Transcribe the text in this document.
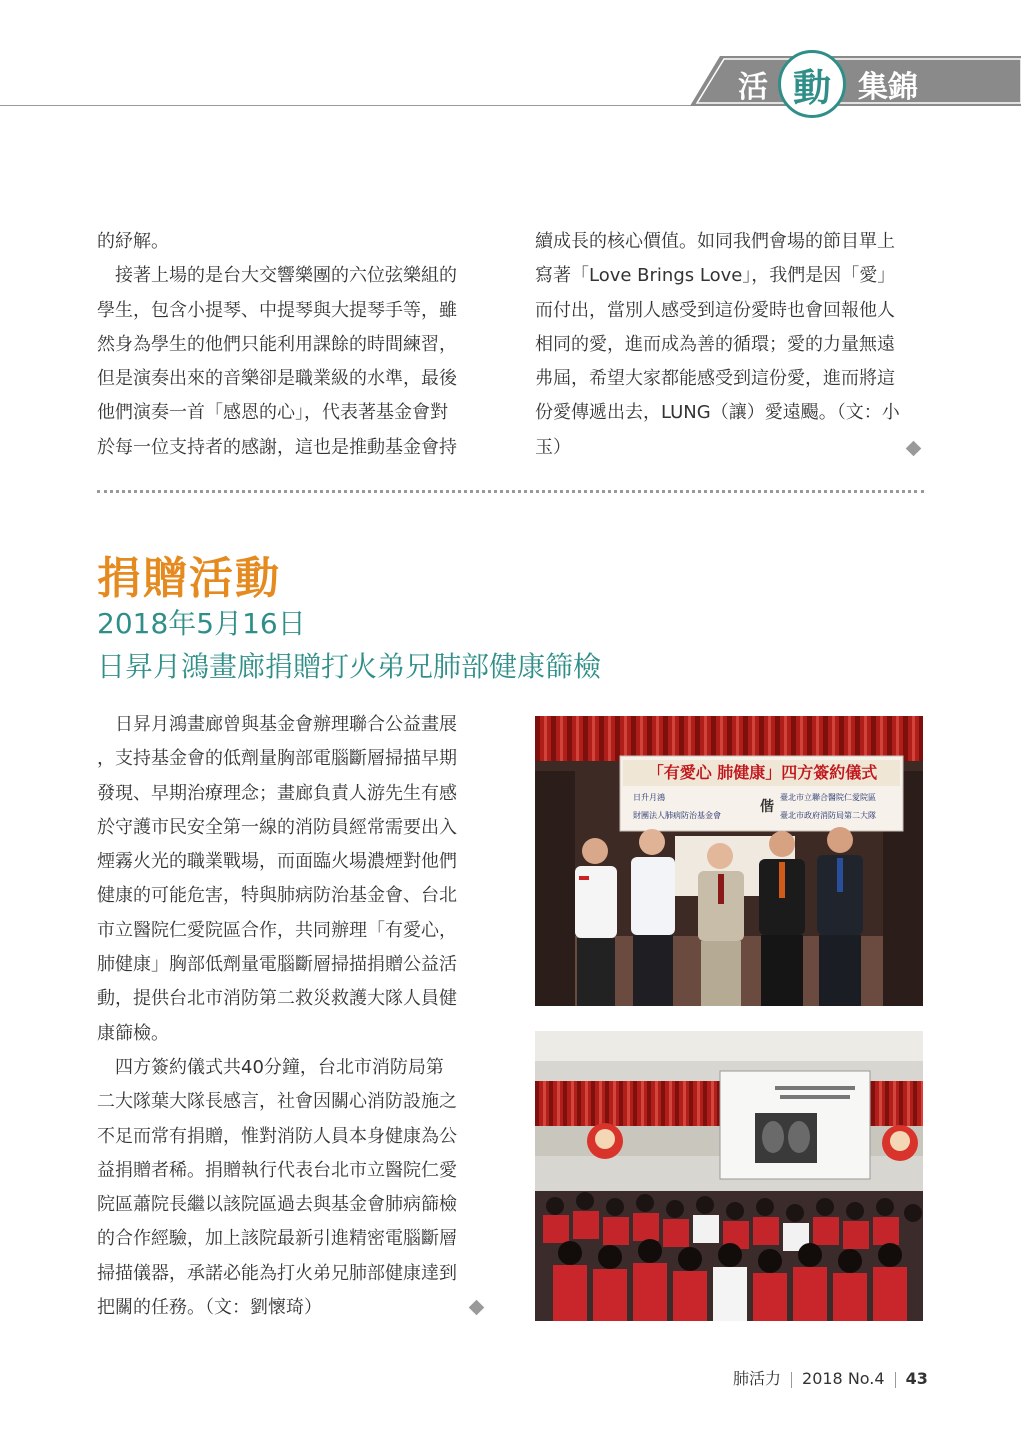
活 動 集錦

的紓解。

　接著上場的是台大交響樂團的六位弦樂組的

學生，包含小提琴、中提琴與大提琴手等，雖

然身為學生的他們只能利用課餘的時間練習，

但是演奏出來的音樂卻是職業級的水準，最後

他們演奏一首「感恩的心」，代表著基金會對

於每一位支持者的感謝，這也是推動基金會持

續成長的核心價值。如同我們會場的節目單上

寫著「Love Brings Love」，我們是因「愛」

而付出，當別人感受到這份愛時也會回報他人

相同的愛，進而成為善的循環；愛的力量無遠

弗屆，希望大家都能感受到這份愛，進而將這

份愛傳遞出去，LUNG（讓）愛遠颺。（文：小

玉）

捐贈活動
2018年5月16日
日昇月鴻畫廊捐贈打火弟兄肺部健康篩檢

　日昇月鴻畫廊曾與基金會辦理聯合公益畫展

，支持基金會的低劑量胸部電腦斷層掃描早期

發現、早期治療理念；畫廊負責人游先生有感

於守護市民安全第一線的消防員經常需要出入

煙霧火光的職業戰場，而面臨火場濃煙對他們

健康的可能危害，特與肺病防治基金會、台北

市立醫院仁愛院區合作，共同辦理「有愛心，

肺健康」胸部低劑量電腦斷層掃描捐贈公益活

動，提供台北市消防第二救災救護大隊人員健

康篩檢。

　四方簽約儀式共40分鐘，台北市消防局第

二大隊葉大隊長感言，社會因關心消防設施之

不足而常有捐贈，惟對消防人員本身健康為公

益捐贈者稀。捐贈執行代表台北市立醫院仁愛

院區蕭院長繼以該院區過去與基金會肺病篩檢

的合作經驗，加上該院最新引進精密電腦斷層

掃描儀器，承諾必能為打火弟兄肺部健康達到

把關的任務。（文：劉懷琦）

「有愛心 肺健康」四方簽約儀式
日升月鴻
財團法人肺病防治基金會
偕
臺北市立聯合醫院仁愛院區
臺北市政府消防局第二大隊
肺活力 2018 No.4 43
